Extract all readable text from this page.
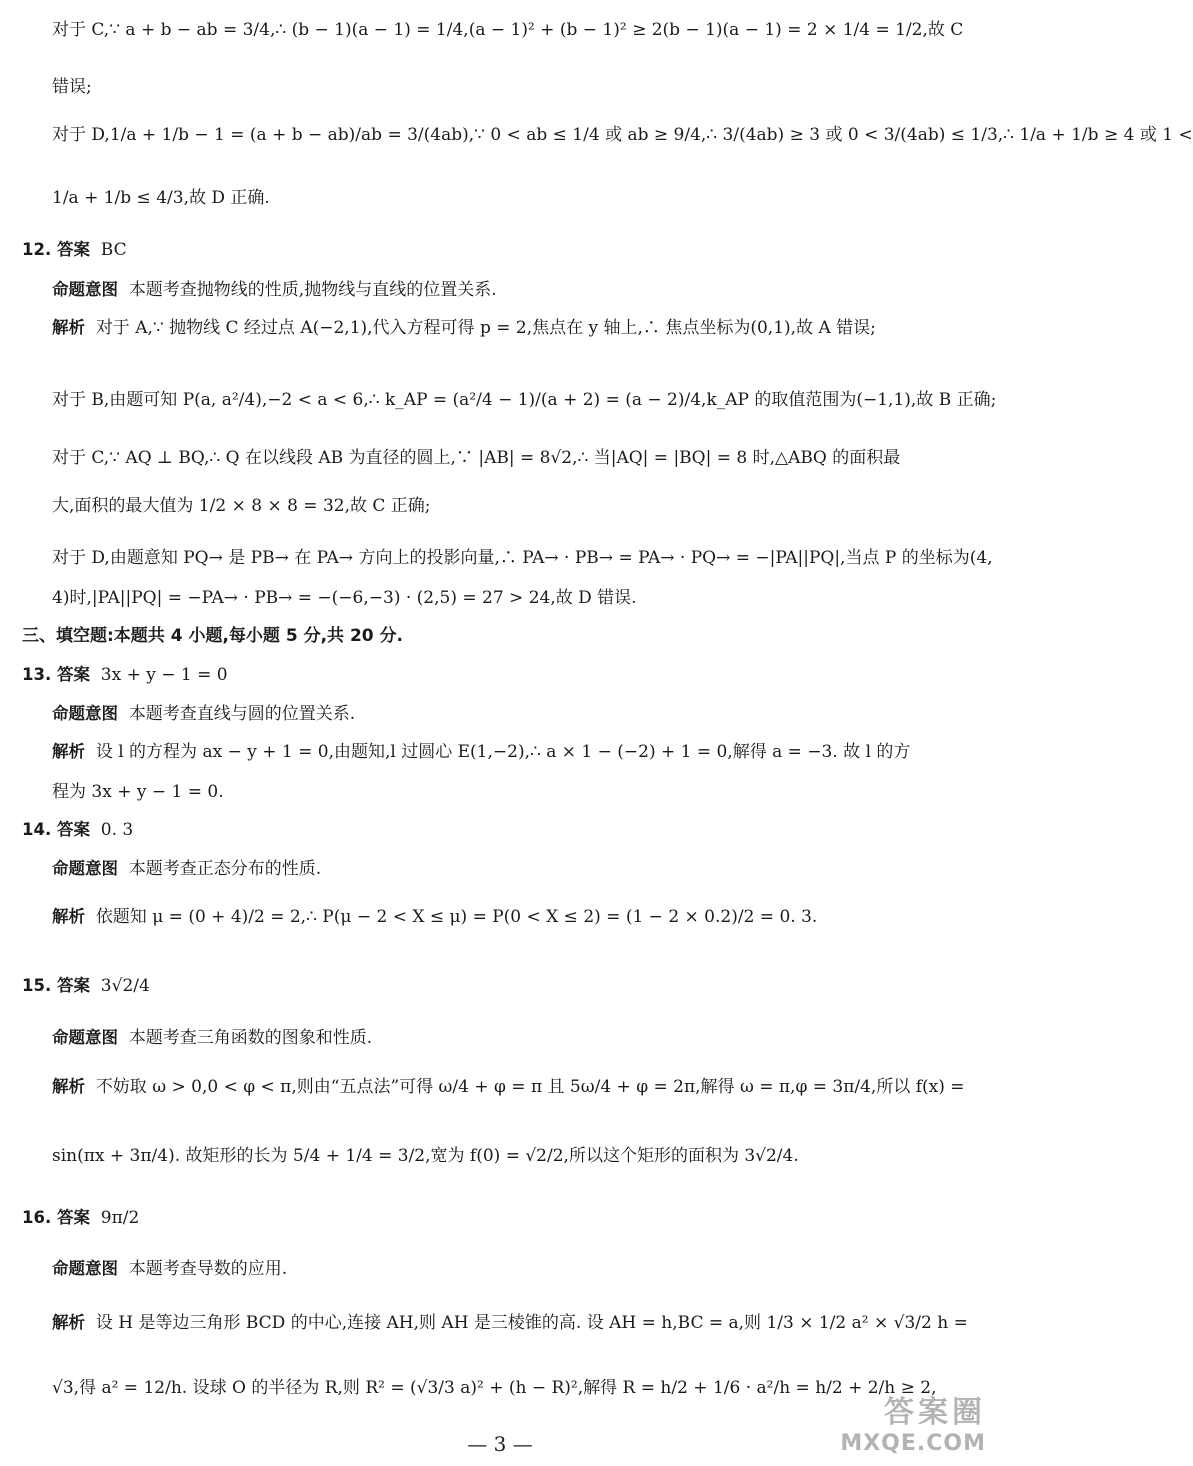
对于 C,∵ a + b − ab = 3/4,∴ (b − 1)(a − 1) = 1/4,(a − 1)² + (b − 1)² ≥ 2(b − 1)(a − 1) = 2 × 1/4 = 1/2,故 C
错误;
对于 D,1/a + 1/b − 1 = (a + b − ab)/ab = 3/(4ab),∵ 0 < ab ≤ 1/4 或 ab ≥ 9/4,∴ 3/(4ab) ≥ 3 或 0 < 3/(4ab) ≤ 1/3,∴ 1/a + 1/b ≥ 4 或 1 <
1/a + 1/b ≤ 4/3,故 D 正确.
12. 答案 BC
命题意图 本题考查抛物线的性质,抛物线与直线的位置关系.
解析 对于 A,∵ 抛物线 C 经过点 A(−2,1),代入方程可得 p = 2,焦点在 y 轴上,∴ 焦点坐标为(0,1),故 A 错误;
对于 B,由题可知 P(a, a²/4),−2 < a < 6,∴ k_AP = (a²/4 − 1)/(a + 2) = (a − 2)/4,k_AP 的取值范围为(−1,1),故 B 正确;
对于 C,∵ AQ ⊥ BQ,∴ Q 在以线段 AB 为直径的圆上,∵ |AB| = 8√2,∴ 当|AQ| = |BQ| = 8 时,△ABQ 的面积最
大,面积的最大值为 1/2 × 8 × 8 = 32,故 C 正确;
对于 D,由题意知 PQ→ 是 PB→ 在 PA→ 方向上的投影向量,∴ PA→ · PB→ = PA→ · PQ→ = −|PA||PQ|,当点 P 的坐标为(4,
4)时,|PA||PQ| = −PA→ · PB→ = −(−6,−3) · (2,5) = 27 > 24,故 D 错误.
三、填空题:本题共 4 小题,每小题 5 分,共 20 分.
13. 答案 3x + y − 1 = 0
命题意图 本题考查直线与圆的位置关系.
解析 设 l 的方程为 ax − y + 1 = 0,由题知,l 过圆心 E(1,−2),∴ a × 1 − (−2) + 1 = 0,解得 a = −3. 故 l 的方
程为 3x + y − 1 = 0.
14. 答案 0. 3
命题意图 本题考查正态分布的性质.
解析 依题知 μ = (0 + 4)/2 = 2,∴ P(μ − 2 < X ≤ μ) = P(0 < X ≤ 2) = (1 − 2 × 0.2)/2 = 0. 3.
15. 答案 3√2/4
命题意图 本题考查三角函数的图象和性质.
解析 不妨取 ω > 0,0 < φ < π,则由“五点法”可得 ω/4 + φ = π 且 5ω/4 + φ = 2π,解得 ω = π,φ = 3π/4,所以 f(x) =
sin(πx + 3π/4). 故矩形的长为 5/4 + 1/4 = 3/2,宽为 f(0) = √2/2,所以这个矩形的面积为 3√2/4.
16. 答案 9π/2
命题意图 本题考查导数的应用.
解析 设 H 是等边三角形 BCD 的中心,连接 AH,则 AH 是三棱锥的高. 设 AH = h,BC = a,则 1/3 × 1/2 a² × √3/2 h =
√3,得 a² = 12/h. 设球 O 的半径为 R,则 R² = (√3/3 a)² + (h − R)²,解得 R = h/2 + 1/6 · a²/h = h/2 + 2/h ≥ 2,
— 3 —
答案圈
MXQE.COM
